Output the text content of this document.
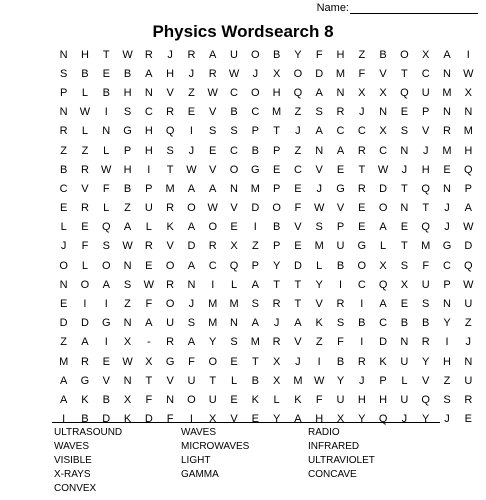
Name:
Physics Wordsearch 8
N	H	T	W	R	J	R	A	U	O	B	Y	F	H	Z	B	O	X	A	I
S	B	E	B	A	H	J	R	W	J	X	O	D	M	F	V	T	C	N	W
P	L	B	H	N	V	Z	W	C	O	H	Q	A	N	X	X	Q	U	M	X
N	W	I	S	C	R	E	V	B	C	M	Z	S	R	J	N	E	P	N	N
R	L	N	G	H	Q	I	S	S	P	T	J	A	C	C	X	S	V	R	M
Z	Z	L	P	H	S	J	E	C	B	P	Z	N	A	R	C	N	J	M	H
B	R	W	H	I	T	W	V	O	G	E	C	V	E	T	W	J	H	E	Q
C	V	F	B	P	M	A	A	N	M	P	E	J	G	R	D	T	Q	N	P
E	R	L	Z	U	R	O	W	V	D	O	F	W	V	E	O	N	T	J	A
L	E	Q	A	L	K	A	O	E	I	B	V	S	P	E	A	E	Q	J	W
J	F	S	W	R	V	D	R	X	Z	P	E	M	U	G	L	T	M	G	D
O	L	O	N	E	O	A	C	Q	P	Y	D	L	B	O	X	S	F	C	Q
N	O	A	S	W	R	N	I	L	A	T	T	Y	I	C	Q	X	U	P	W
E	I	I	Z	F	O	J	M	M	S	R	T	V	R	I	A	E	S	N	U
D	D	G	N	A	U	S	M	N	A	J	A	K	S	B	C	B	B	Y	Z
Z	A	I	X	-	R	A	Y	S	M	R	V	Z	F	I	D	N	R	I	J
M	R	E	W	X	G	F	O	E	T	X	J	I	B	R	K	U	Y	H	N
A	G	V	N	T	V	U	T	L	B	X	M	W	Y	J	P	L	V	Z	U
A	K	B	X	F	N	O	U	E	K	L	K	F	U	H	H	U	Q	S	R
I	B	D	K	D	F	I	X	V	E	Y	A	H	X	Y	Q	J	Y	J	E
ULTRASOUND	WAVES	RADIO
WAVES	MICROWAVES	INFRARED
VISIBLE	LIGHT	ULTRAVIOLET
X-RAYS	GAMMA	CONCAVE
CONVEX
